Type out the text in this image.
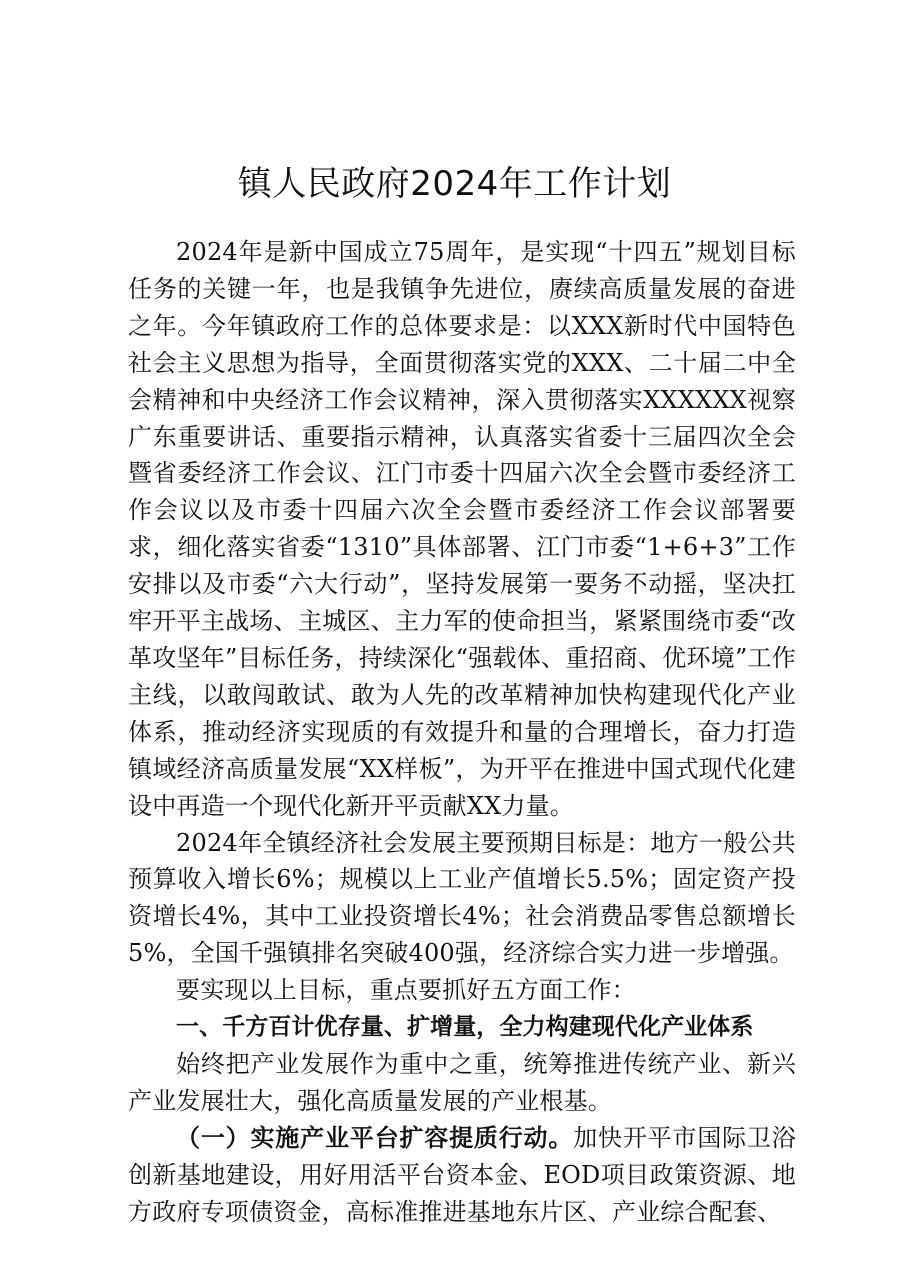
镇人民政府2024年工作计划

2024年是新中国成立75周年，是实现“十四五”规划目标任务的关键一年，也是我镇争先进位，赓续高质量发展的奋进之年。今年镇政府工作的总体要求是：以XXX新时代中国特色社会主义思想为指导，全面贯彻落实党的XXX、二十届二中全会精神和中央经济工作会议精神，深入贯彻落实XXXXXX视察广东重要讲话、重要指示精神，认真落实省委十三届四次全会暨省委经济工作会议、江门市委十四届六次全会暨市委经济工作会议以及市委十四届六次全会暨市委经济工作会议部署要求，细化落实省委“1310”具体部署、江门市委“1+6+3”工作安排以及市委“六大行动”，坚持发展第一要务不动摇，坚决扛牢开平主战场、主城区、主力军的使命担当，紧紧围绕市委“改革攻坚年”目标任务，持续深化“强载体、重招商、优环境”工作主线，以敢闯敢试、敢为人先的改革精神加快构建现代化产业体系，推动经济实现质的有效提升和量的合理增长，奋力打造镇域经济高质量发展“XX样板”，为开平在推进中国式现代化建设中再造一个现代化新开平贡献XX力量。

2024年全镇经济社会发展主要预期目标是：地方一般公共预算收入增长6%；规模以上工业产值增长5.5%；固定资产投资增长4%，其中工业投资增长4%；社会消费品零售总额增长5%，全国千强镇排名突破400强，经济综合实力进一步增强。

要实现以上目标，重点要抓好五方面工作：

一、千方百计优存量、扩增量，全力构建现代化产业体系

始终把产业发展作为重中之重，统筹推进传统产业、新兴产业发展壮大，强化高质量发展的产业根基。

（一）实施产业平台扩容提质行动。加快开平市国际卫浴创新基地建设，用好用活平台资本金、EOD项目政策资源、地方政府专项债资金，高标准推进基地东片区、产业综合配套、
